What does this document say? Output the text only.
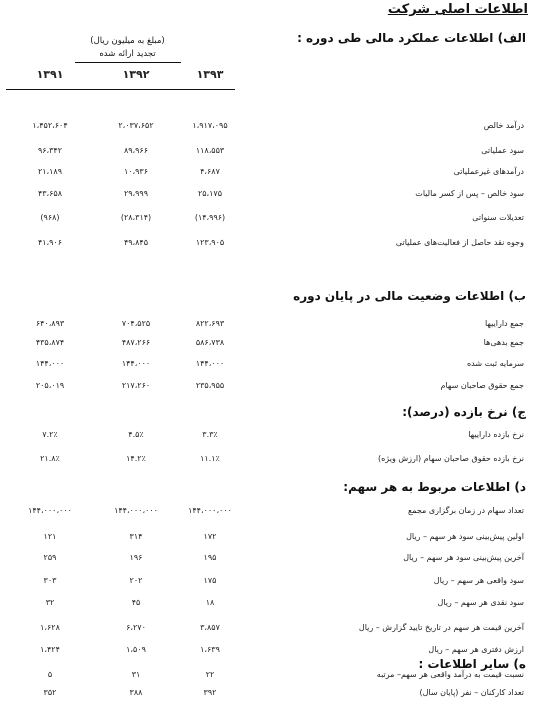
اطلاعات اصلی شرکت
(مبلغ به میلیون ریال)
تجدید ارائه شده
۱۳۹۳
۱۳۹۲
۱۳۹۱
الف) اطلاعات عملکرد مالی طی دوره :
درآمد خالص
۱،۹۱۷،۰۹۵
۲،۰۳۷،۶۵۲
۱،۴۵۲،۶۰۴
سود عملیاتی
۱۱۸،۵۵۳
۸۹،۹۶۶
۹۶،۳۴۲
درآمدهای غیرعملیاتی
۴،۶۸۷
۱۰،۹۳۶
۲۱،۱۸۹
سود خالص – پس از کسر مالیات
۲۵،۱۷۵
۲۹،۹۹۹
۴۳،۶۵۸
تعدیلات سنواتی
(۱۴،۹۹۶)
(۲۸،۳۱۴)
(۹۶۸)
وجوه نقد حاصل از فعالیت‌های عملیاتی
۱۲۳،۹۰۵
۴۹،۸۴۵
۴۱،۹۰۶
ب) اطلاعات وضعیت مالی در پایان دوره
جمع داراییها
۸۲۲،۶۹۳
۷۰۴،۵۲۵
۶۴۰،۸۹۳
جمع بدهی‌ها
۵۸۶،۷۳۸
۴۸۷،۲۶۶
۴۳۵،۸۷۴
سرمایه ثبت شده
۱۴۴،۰۰۰
۱۴۴،۰۰۰
۱۴۴،۰۰۰
جمع حقوق صاحبان سهام
۲۳۵،۹۵۵
۲۱۷،۲۶۰
۲۰۵،۰۱۹
ج) نرخ بازده (درصد):
نرخ بازده داراییها
۳.۳٪
۴.۵٪
۷.۲٪
نرخ بازده حقوق صاحبان سهام (ارزش ویژه)
۱۱.۱٪
۱۴.۲٪
۲۱.۸٪
د) اطلاعات مربوط به هر سهم:
تعداد سهام در زمان برگزاری مجمع
۱۴۴،۰۰۰،۰۰۰
۱۴۴،۰۰۰،۰۰۰
۱۴۴،۰۰۰،۰۰۰
اولین پیش‌بینی سود هر سهم – ریال
۱۷۲
۳۱۴
۱۲۱
آخرین پیش‌بینی سود هر سهم – ریال
۱۹۵
۱۹۶
۲۵۹
سود واقعی هر سهم – ریال
۱۷۵
۲۰۲
۳۰۳
سود نقدی هر سهم – ریال
۱۸
۴۵
۳۲
آخرین قیمت هر سهم در تاریخ تایید گزارش – ریال
۳،۸۵۷
۶،۲۷۰
۱،۶۲۸
ارزش دفتری هر سهم – ریال
۱،۶۳۹
۱،۵۰۹
۱،۴۲۴
نسبت قیمت به درآمد واقعی هر سهم– مرتبه
۲۲
۳۱
۵
ه) سایر اطلاعات :
تعداد کارکنان – نفر (پایان سال)
۳۹۲
۳۸۸
۳۵۲
